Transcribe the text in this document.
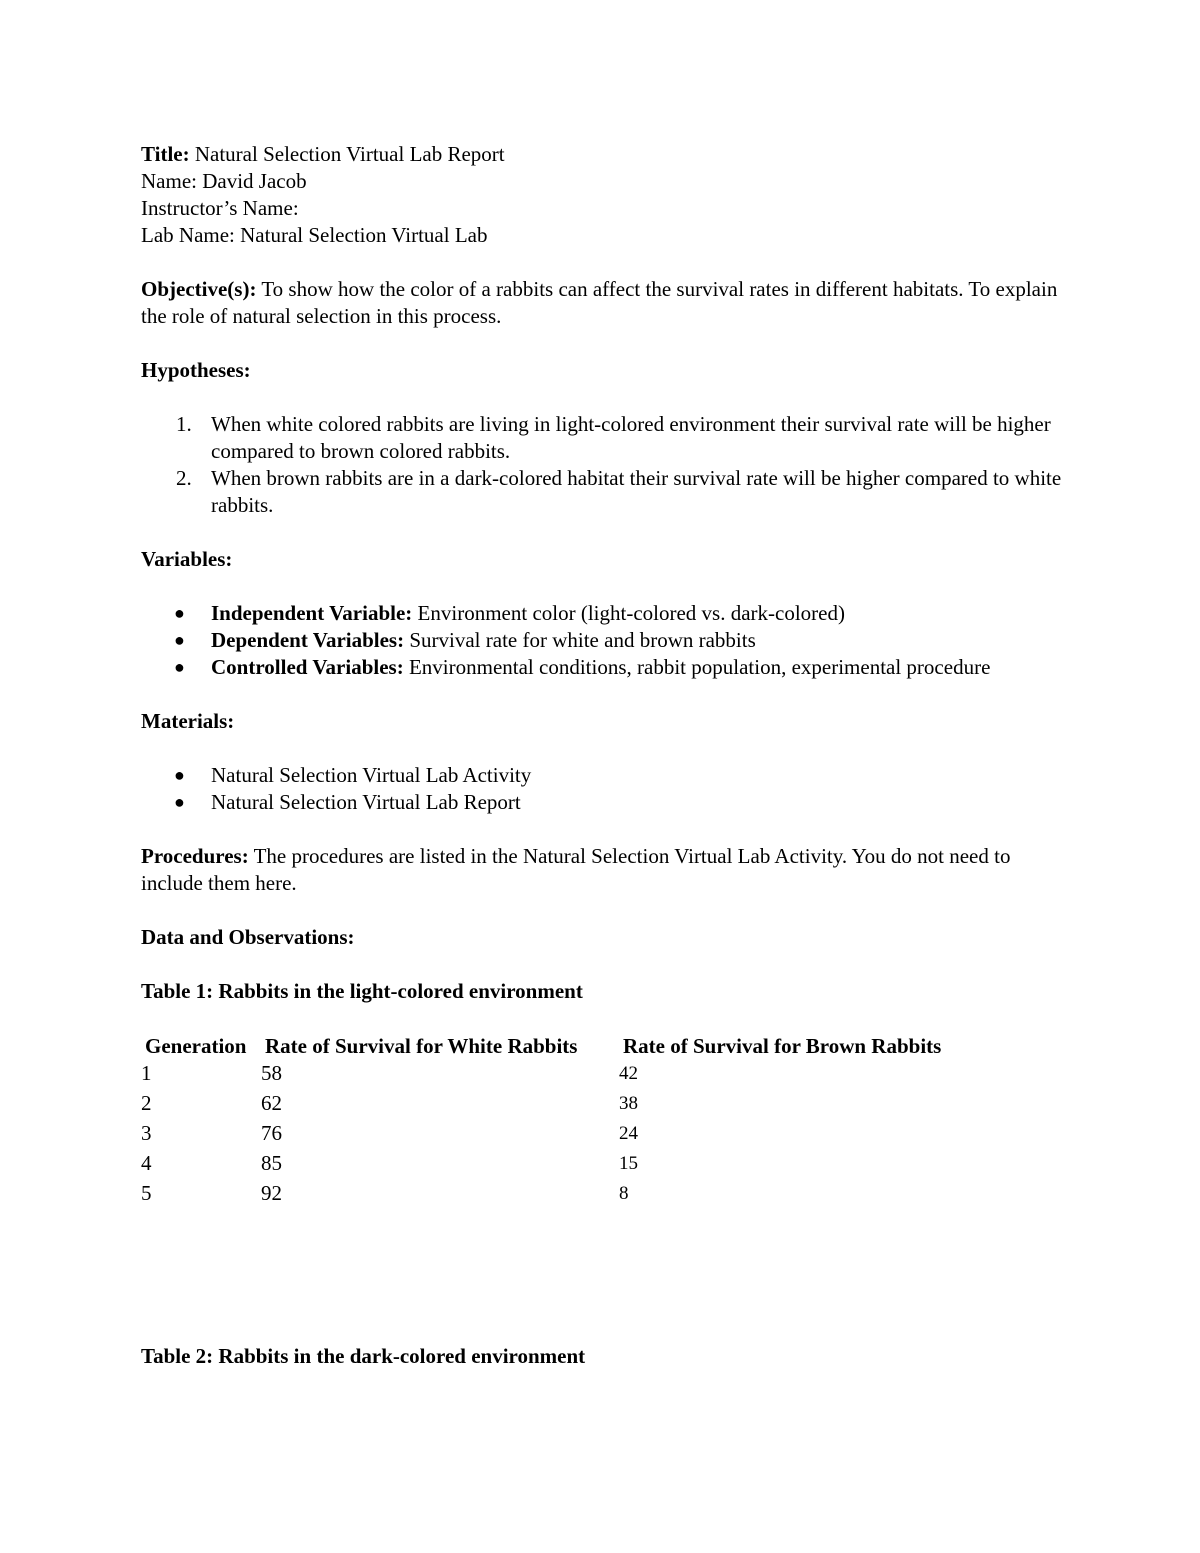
Title: Natural Selection Virtual Lab Report

Name: David Jacob

Instructor’s Name:

Lab Name: Natural Selection Virtual Lab

Objective(s): To show how the color of a rabbits can affect the survival rates in different habitats. To explain the role of natural selection in this process.

Hypotheses:

1. When white colored rabbits are living in light-colored environment their survival rate will be higher compared to brown colored rabbits.
2. When brown rabbits are in a dark-colored habitat their survival rate will be higher compared to white rabbits.

Variables:

● Independent Variable: Environment color (light-colored vs. dark-colored)
● Dependent Variables: Survival rate for white and brown rabbits
● Controlled Variables: Environmental conditions, rabbit population, experimental procedure

Materials:

● Natural Selection Virtual Lab Activity
● Natural Selection Virtual Lab Report

Procedures: The procedures are listed in the Natural Selection Virtual Lab Activity. You do not need to include them here.

Data and Observations:

Table 1: Rabbits in the light-colored environment

Generation	Rate of Survival for White Rabbits	Rate of Survival for Brown Rabbits
1	58	42
2	62	38
3	76	24
4	85	15
5	92	8

Table 2: Rabbits in the dark-colored environment
